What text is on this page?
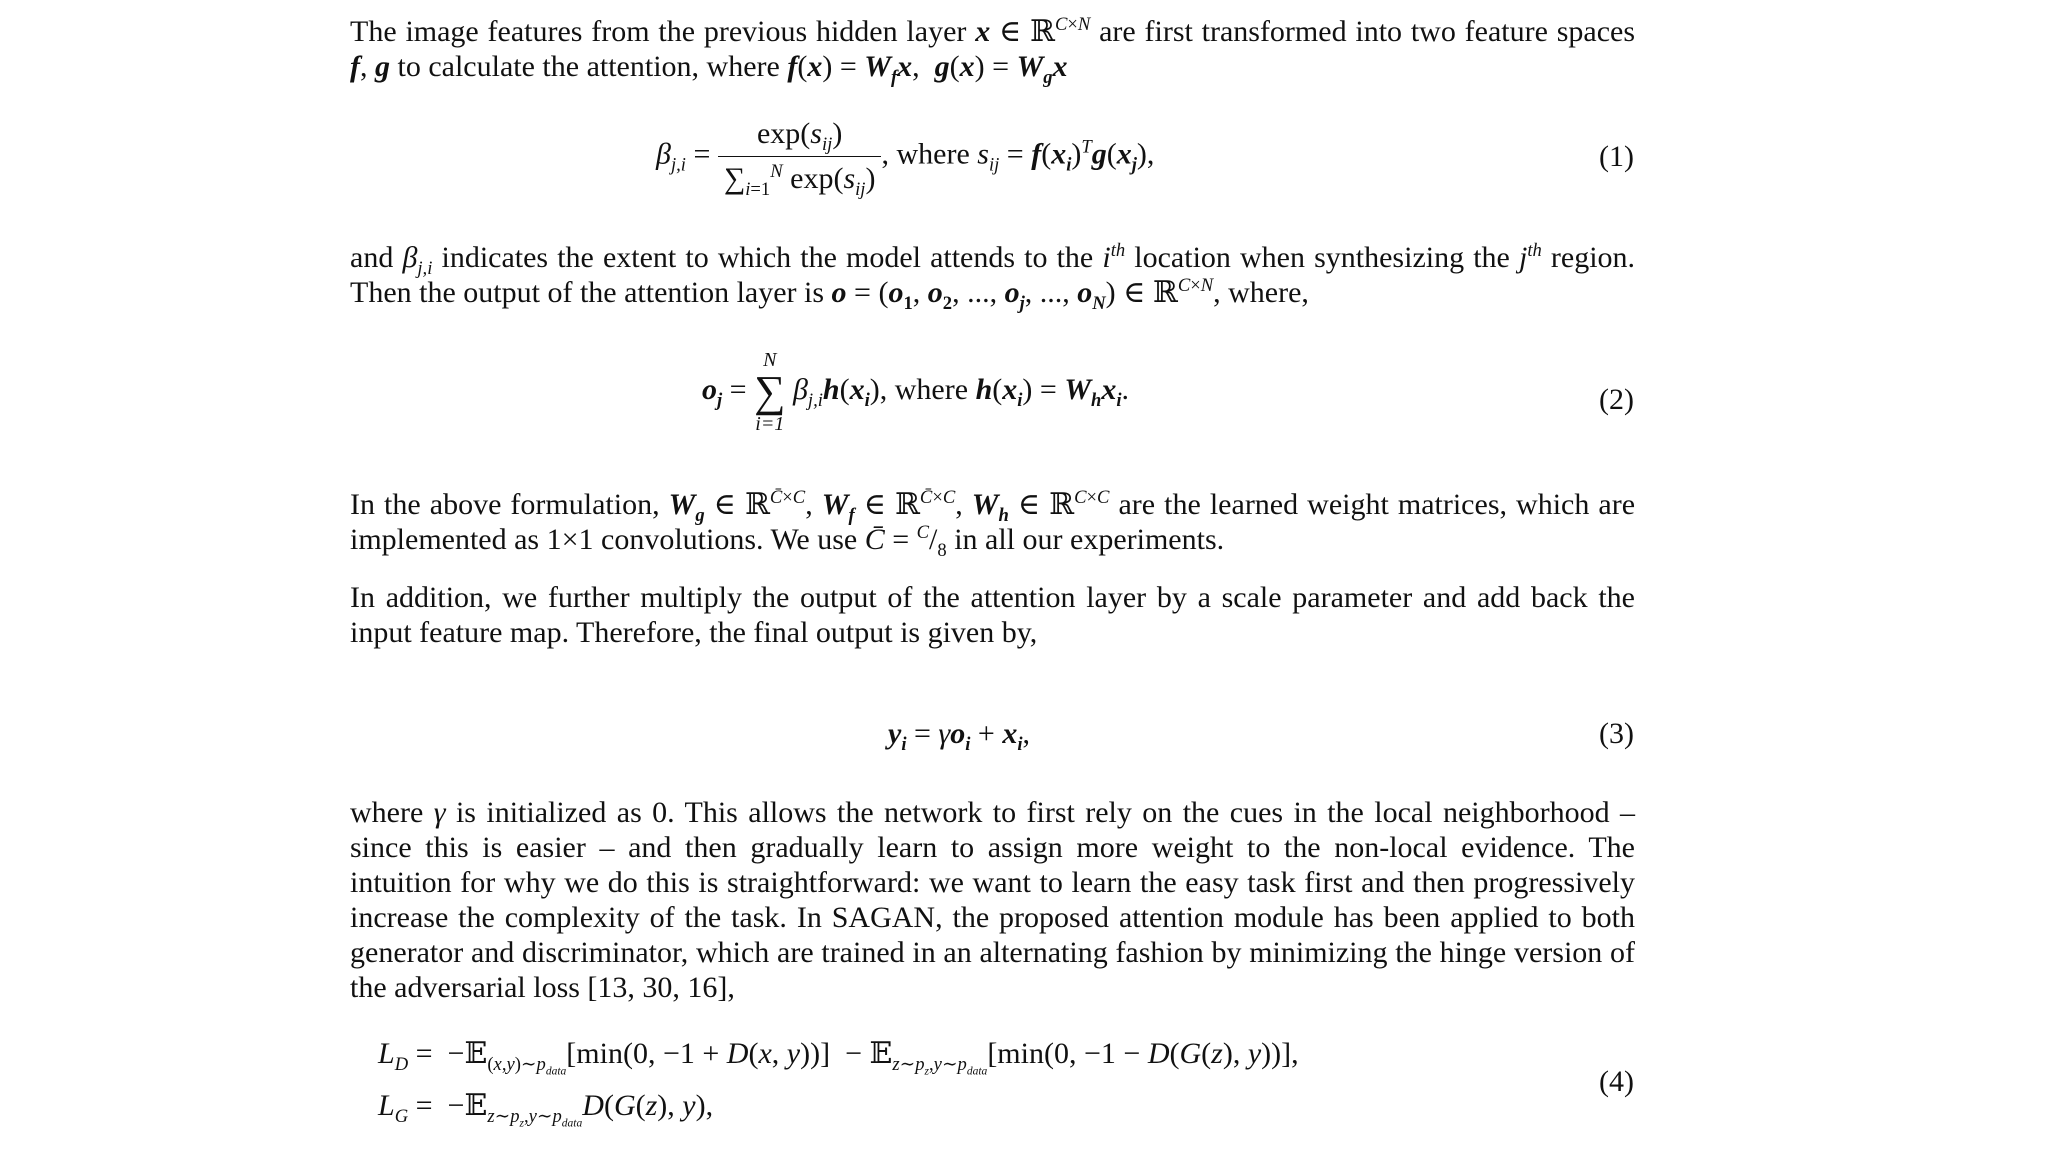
The image features from the previous hidden layer x ∈ ℝ$^{C\times N}$ are first transformed into two feature spaces f, g to calculate the attention, where $f(x) = W_fx$,  $g(x) = W_gx$
$\beta_{j,i} = \frac{\exp(s_{ij})}{\sum_{i=1}^N \exp(s_{ij})}$ , where $s_{ij} = f(x_i)^Tg(x_j)$,	(1)
and $\beta_{j,i}$ indicates the extent to which the model attends to the $i^{th}$ location when synthesizing the $j^{th}$ region. Then the output of the attention layer is $o = (o_1$, $o_2$, ..., $o_j$, ..., $o_N$) ∈ ℝ$^{C\times N}$, where,
$o_j$ =
N
∑
i=1
$\beta_{j,i}h(x_i)$, where $h(x_i) = W_hx_i$.	(2)
In the above formulation, $W_g$ ∈ ℝ$^{C̄\times C}$, $W_f$ ∈ ℝ$^{C̄\times C}$, $W_h$ ∈ ℝ$^{C\times C}$ are the learned weight matrices, which are implemented as 1×1 convolutions. We use C̄ = $^C/_8$ in all our experiments.
In addition, we further multiply the output of the attention layer by a scale parameter and add back the input feature map. Therefore, the final output is given by,
$y_i = \gamma o_i + x_i$,	(3)
where γ is initialized as 0. This allows the network to first rely on the cues in the local neighborhood – since this is easier – and then gradually learn to assign more weight to the non-local evidence. The intuition for why we do this is straightforward: we want to learn the easy task first and then progressively increase the complexity of the task. In SAGAN, the proposed attention module has been applied to both generator and discriminator, which are trained in an alternating fashion by minimizing the hinge version of the adversarial loss [13, 30, 16],
$L_D$ =  −𝔼$_{(x,y)\sim p_{data}}$[min(0, −1 + D(x, y))]  − 𝔼$_{z\sim p_z,y\sim p_{data}}$[min(0, −1 − D(G(z), y))],
$L_G$ =  −𝔼$_{z\sim p_z,y\sim p_{data}}$D(G(z), y),
(4)
